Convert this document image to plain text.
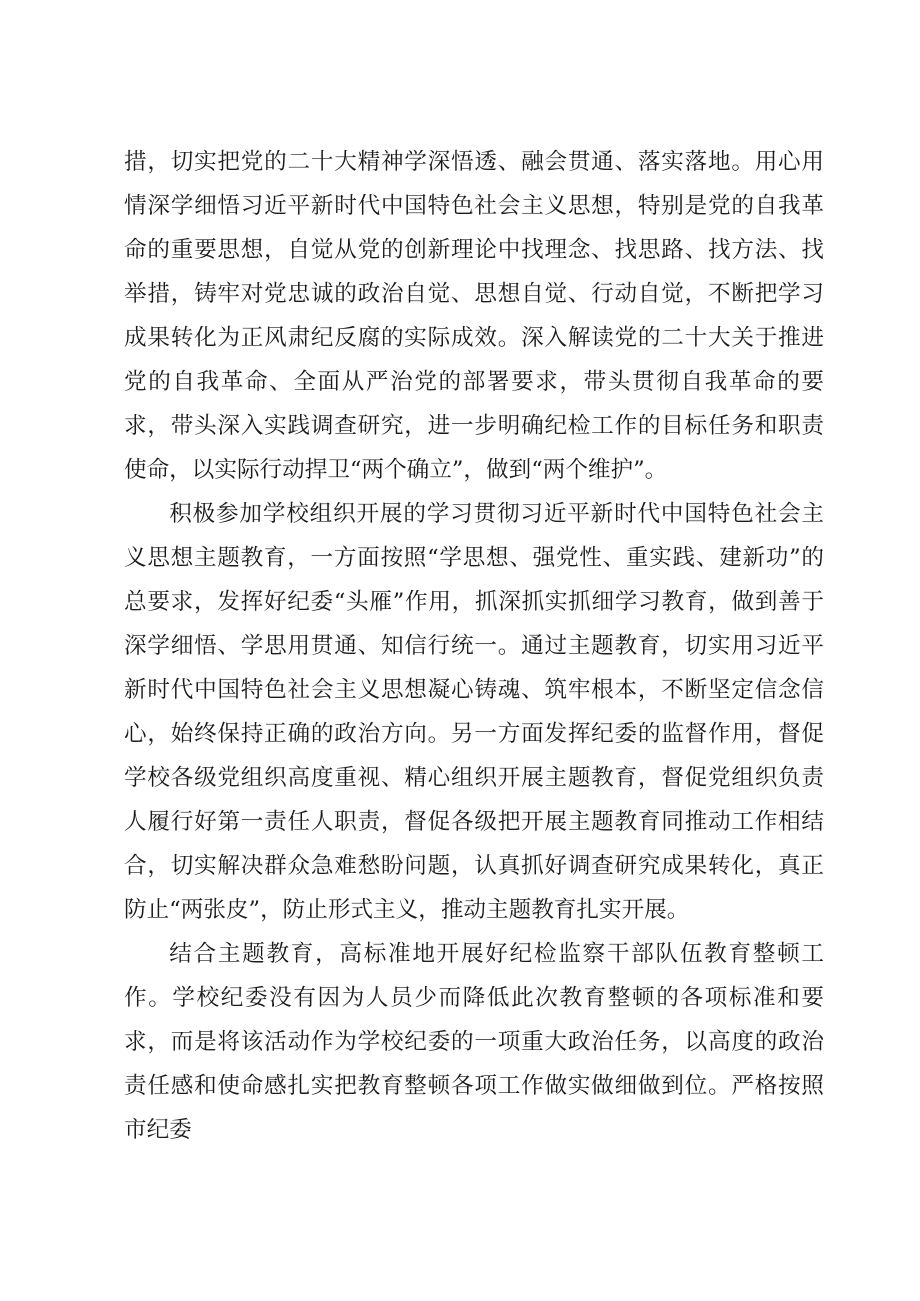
措，切实把党的二十大精神学深悟透、融会贯通、落实落地。用心用情深学细悟习近平新时代中国特色社会主义思想，特别是党的自我革命的重要思想，自觉从党的创新理论中找理念、找思路、找方法、找举措，铸牢对党忠诚的政治自觉、思想自觉、行动自觉，不断把学习成果转化为正风肃纪反腐的实际成效。深入解读党的二十大关于推进党的自我革命、全面从严治党的部署要求，带头贯彻自我革命的要求，带头深入实践调查研究，进一步明确纪检工作的目标任务和职责使命，以实际行动捍卫“两个确立”，做到“两个维护”。

积极参加学校组织开展的学习贯彻习近平新时代中国特色社会主义思想主题教育，一方面按照“学思想、强党性、重实践、建新功”的总要求，发挥好纪委“头雁”作用，抓深抓实抓细学习教育，做到善于深学细悟、学思用贯通、知信行统一。通过主题教育，切实用习近平新时代中国特色社会主义思想凝心铸魂、筑牢根本，不断坚定信念信心，始终保持正确的政治方向。另一方面发挥纪委的监督作用，督促学校各级党组织高度重视、精心组织开展主题教育，督促党组织负责人履行好第一责任人职责，督促各级把开展主题教育同推动工作相结合，切实解决群众急难愁盼问题，认真抓好调查研究成果转化，真正防止“两张皮”，防止形式主义，推动主题教育扎实开展。

结合主题教育，高标准地开展好纪检监察干部队伍教育整顿工作。学校纪委没有因为人员少而降低此次教育整顿的各项标准和要求，而是将该活动作为学校纪委的一项重大政治任务，以高度的政治责任感和使命感扎实把教育整顿各项工作做实做细做到位。严格按照市纪委
